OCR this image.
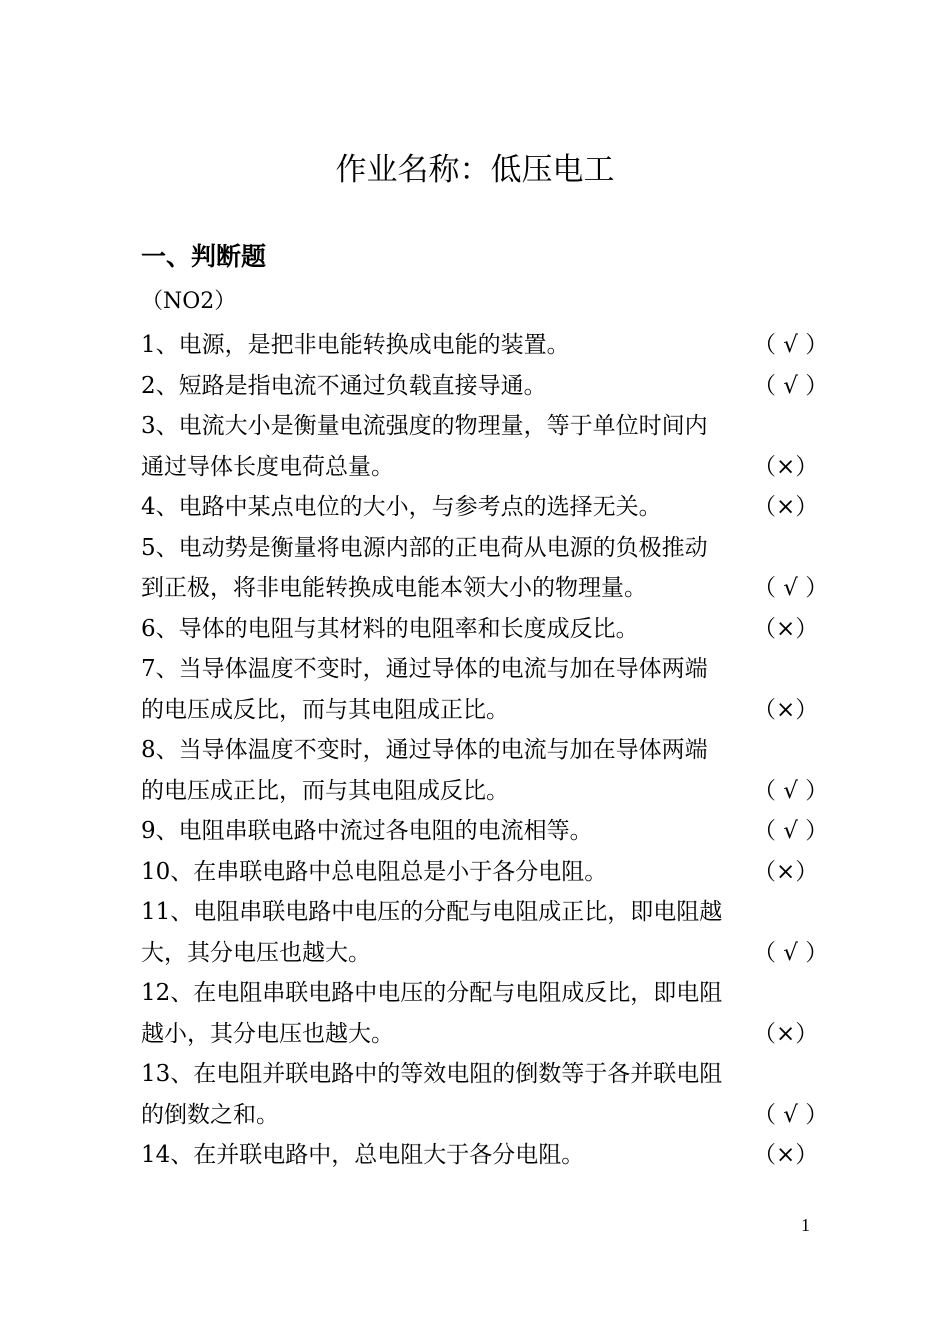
作业名称：低压电工
一、判断题
（NO2）
1、电源，是把非电能转换成电能的装置。	（ √ ）
2、短路是指电流不通过负载直接导通。	（ √ ）
3、电流大小是衡量电流强度的物理量，等于单位时间内
通过导体长度电荷总量。	（×）
4、电路中某点电位的大小，与参考点的选择无关。	（×）
5、电动势是衡量将电源内部的正电荷从电源的负极推动
到正极，将非电能转换成电能本领大小的物理量。	（ √ ）
6、导体的电阻与其材料的电阻率和长度成反比。	（×）
7、当导体温度不变时，通过导体的电流与加在导体两端
的电压成反比，而与其电阻成正比。	（×）
8、当导体温度不变时，通过导体的电流与加在导体两端
的电压成正比，而与其电阻成反比。	（ √ ）
9、电阻串联电路中流过各电阻的电流相等。	（ √ ）
10、在串联电路中总电阻总是小于各分电阻。	（×）
11、电阻串联电路中电压的分配与电阻成正比，即电阻越
大，其分电压也越大。	（ √ ）
12、在电阻串联电路中电压的分配与电阻成反比，即电阻
越小，其分电压也越大。	（×）
13、在电阻并联电路中的等效电阻的倒数等于各并联电阻
的倒数之和。	（ √ ）
14、在并联电路中，总电阻大于各分电阻。	（×）
1
